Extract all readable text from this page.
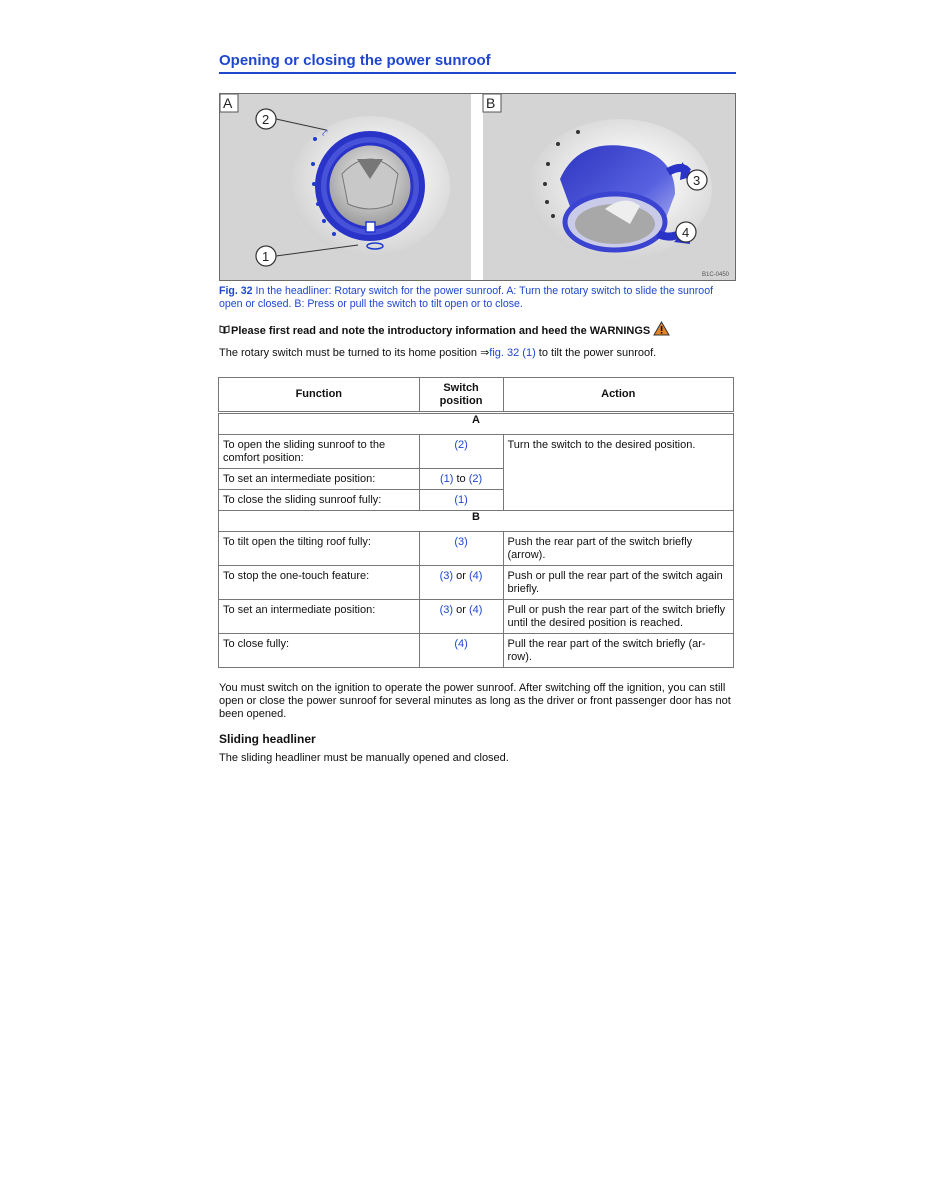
Opening or closing the power sunroof
⤤
A
2
1
B
3
4
B1C-0450
Fig. 32 In the headliner: Rotary switch for the power sunroof. A: Turn the rotary switch to slide the sunroof open or closed. B: Press or pull the switch to tilt open or to close.
Please first read and note the introductory information and heed the WARNINGS
The rotary switch must be turned to its home position ⇒fig. 32 (1) to tilt the power sunroof.
Function	Switch position	Action
A		
To open the sliding sunroof to the comfort position:	(2)	Turn the switch to the desired position.
To set an intermediate position:	(1) to (2)	
To close the sliding sunroof fully:	(1)	
B		
To tilt open the tilting roof fully:	(3)	Push the rear part of the switch briefly (arrow).
To stop the one-touch feature:	(3) or (4)	Push or pull the rear part of the switch again briefly.
To set an intermediate position:	(3) or (4)	Pull or push the rear part of the switch briefly until the desired position is reached.
To close fully:	(4)	Pull the rear part of the switch briefly (ar-row).
You must switch on the ignition to operate the power sunroof. After switching off the ignition, you can still open or close the power sunroof for several minutes as long as the driver or front passenger door has not been opened.
Sliding headliner
The sliding headliner must be manually opened and closed.
